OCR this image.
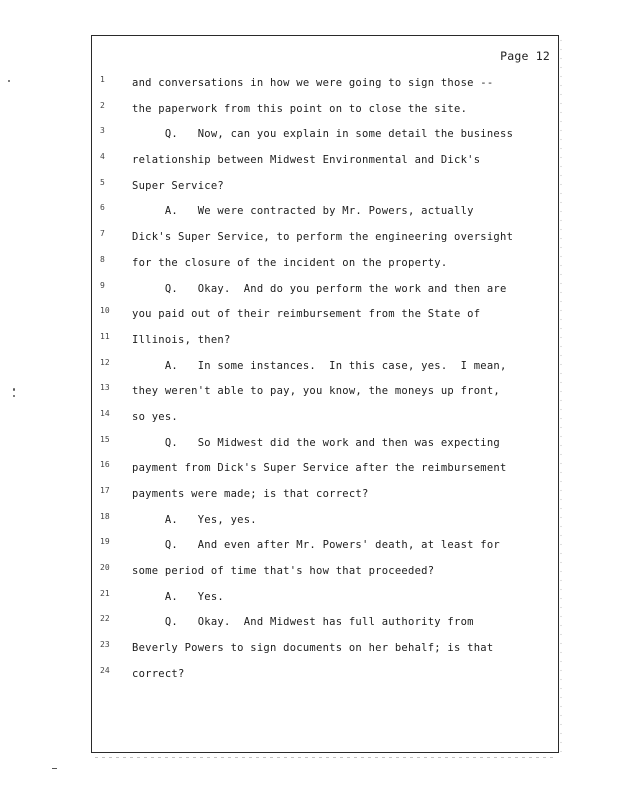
Page 12
1	and conversations in how we were going to sign those --
2	the paperwork from this point on to close the site.
3	Q.   Now, can you explain in some detail the business
4	relationship between Midwest Environmental and Dick's
5	Super Service?
6	A.   We were contracted by Mr. Powers, actually
7	Dick's Super Service, to perform the engineering oversight
8	for the closure of the incident on the property.
9	Q.   Okay.  And do you perform the work and then are
10	you paid out of their reimbursement from the State of
11	Illinois, then?
12	A.   In some instances.  In this case, yes.  I mean,
13	they weren't able to pay, you know, the moneys up front,
14	so yes.
15	Q.   So Midwest did the work and then was expecting
16	payment from Dick's Super Service after the reimbursement
17	payments were made; is that correct?
18	A.   Yes, yes.
19	Q.   And even after Mr. Powers' death, at least for
20	some period of time that's how that proceeded?
21	A.   Yes.
22	Q.   Okay.  And Midwest has full authority from
23	Beverly Powers to sign documents on her behalf; is that
24	correct?
